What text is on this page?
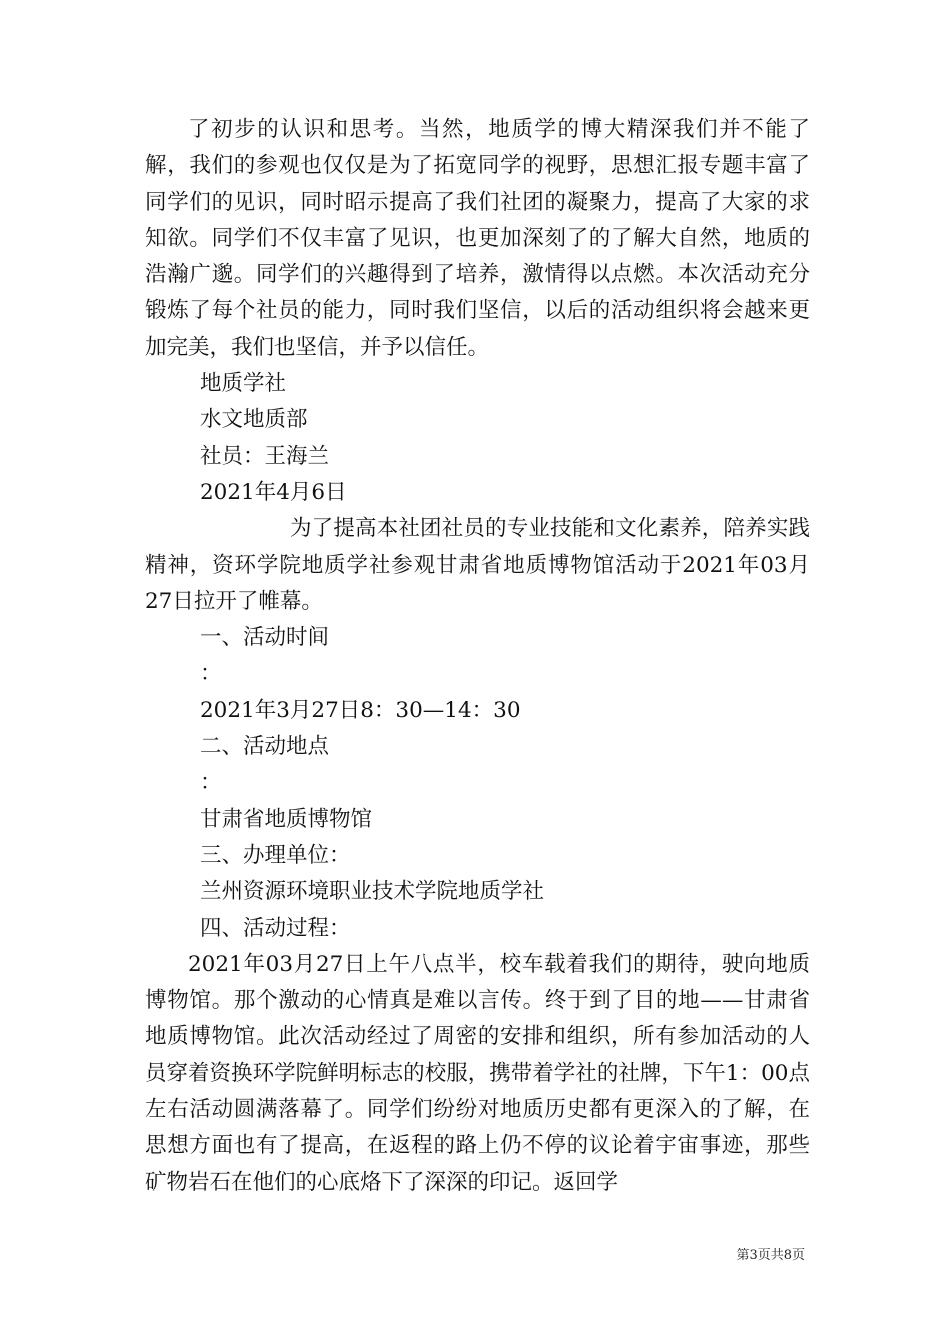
了初步的认识和思考。当然，地质学的博大精深我们并不能了解，我们的参观也仅仅是为了拓宽同学的视野，思想汇报专题丰富了同学们的见识，同时昭示提高了我们社团的凝聚力，提高了大家的求知欲。同学们不仅丰富了见识，也更加深刻了的了解大自然，地质的浩瀚广邈。同学们的兴趣得到了培养，激情得以点燃。本次活动充分锻炼了每个社员的能力，同时我们坚信，以后的活动组织将会越来更加完美，我们也坚信，并予以信任。

地质学社

水文地质部

社员：王海兰

2021年4月6日

为了提高本社团社员的专业技能和文化素养，陪养实践精神，资环学院地质学社参观甘肃省地质博物馆活动于2021年03月27日拉开了帷幕。

一、活动时间

：

2021年3月27日8：30—14：30

二、活动地点

：

甘肃省地质博物馆

三、办理单位：

兰州资源环境职业技术学院地质学社

四、活动过程：

2021年03月27日上午八点半，校车载着我们的期待，驶向地质博物馆。那个激动的心情真是难以言传。终于到了目的地——甘肃省地质博物馆。此次活动经过了周密的安排和组织，所有参加活动的人员穿着资换环学院鲜明标志的校服，携带着学社的社牌，下午1：00点左右活动圆满落幕了。同学们纷纷对地质历史都有更深入的了解，在思想方面也有了提高，在返程的路上仍不停的议论着宇宙事迹，那些矿物岩石在他们的心底烙下了深深的印记。返回学

第3页共8页
